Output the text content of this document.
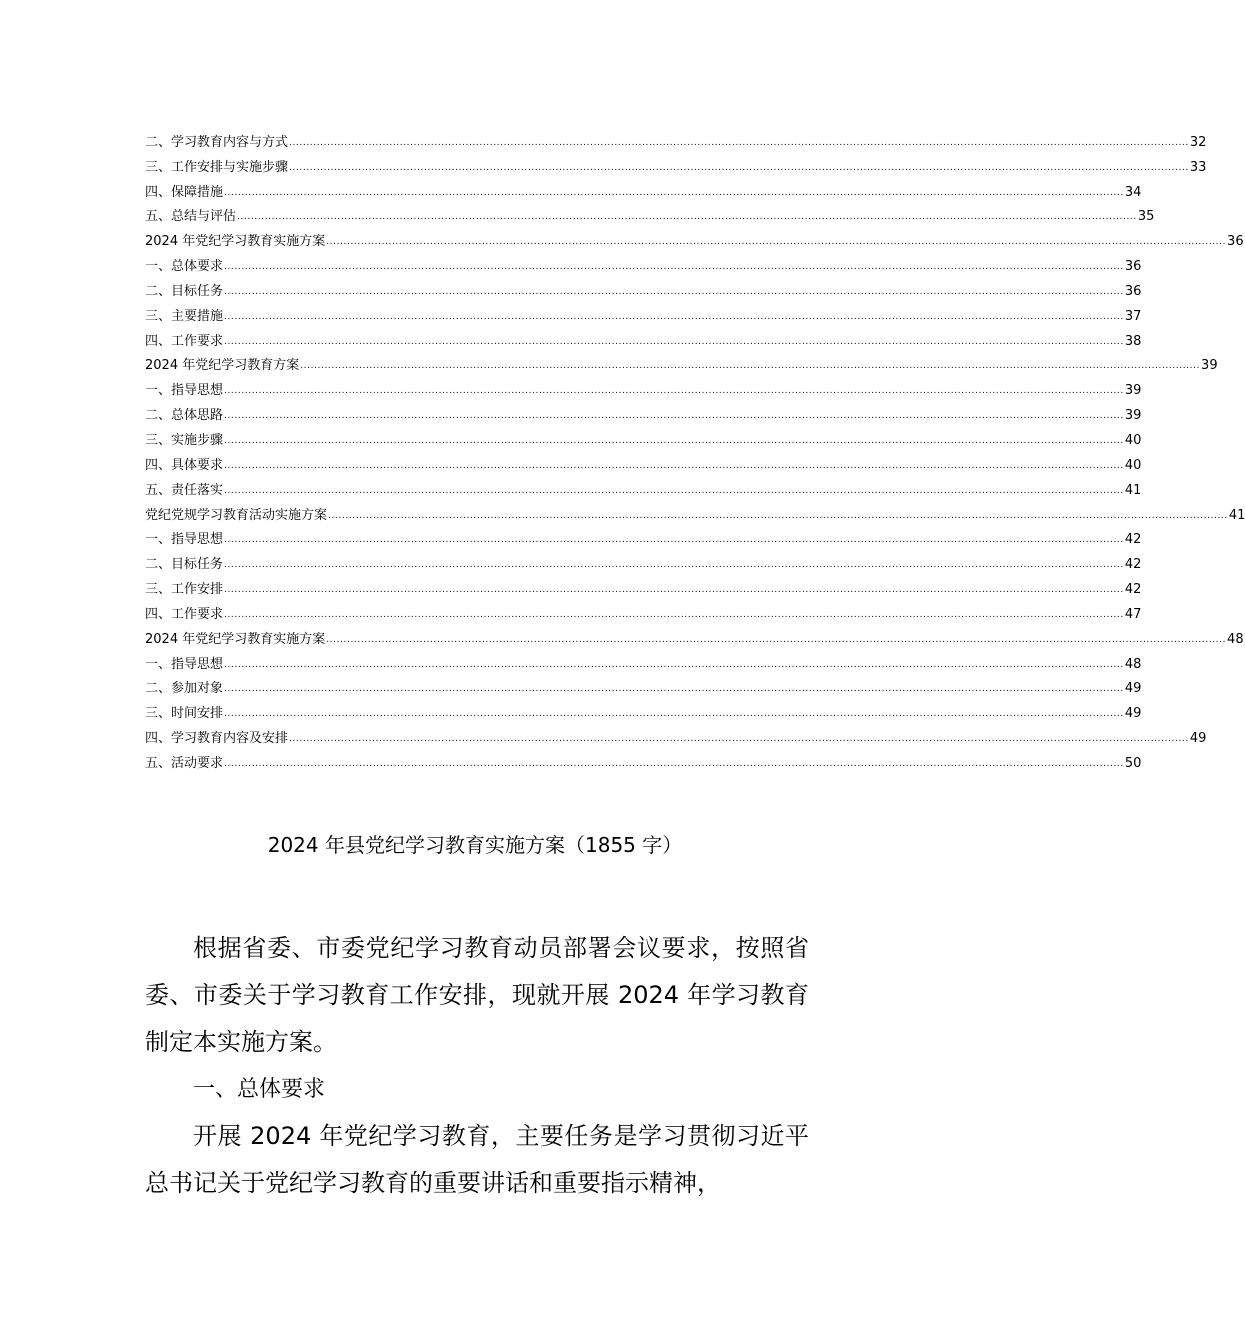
二、学习教育内容与方式 .................................................................................................................................................................................................................................................................... 32
三、工作安排与实施步骤 .................................................................................................................................................................................................................................................................... 33
四、保障措施 .................................................................................................................................................................................................................................................................... 34
五、总结与评估 .................................................................................................................................................................................................................................................................... 35
2024 年党纪学习教育实施方案 .................................................................................................................................................................................................................................................................... 36
一、总体要求 .................................................................................................................................................................................................................................................................... 36
二、目标任务 .................................................................................................................................................................................................................................................................... 36
三、主要措施 .................................................................................................................................................................................................................................................................... 37
四、工作要求 .................................................................................................................................................................................................................................................................... 38
2024 年党纪学习教育方案 .................................................................................................................................................................................................................................................................... 39
一、指导思想 .................................................................................................................................................................................................................................................................... 39
二、总体思路 .................................................................................................................................................................................................................................................................... 39
三、实施步骤 .................................................................................................................................................................................................................................................................... 40
四、具体要求 .................................................................................................................................................................................................................................................................... 40
五、责任落实 .................................................................................................................................................................................................................................................................... 41
党纪党规学习教育活动实施方案 .................................................................................................................................................................................................................................................................... 41
一、指导思想 .................................................................................................................................................................................................................................................................... 42
二、目标任务 .................................................................................................................................................................................................................................................................... 42
三、工作安排 .................................................................................................................................................................................................................................................................... 42
四、工作要求 .................................................................................................................................................................................................................................................................... 47
2024 年党纪学习教育实施方案 .................................................................................................................................................................................................................................................................... 48
一、指导思想 .................................................................................................................................................................................................................................................................... 48
二、参加对象 .................................................................................................................................................................................................................................................................... 49
三、时间安排 .................................................................................................................................................................................................................................................................... 49
四、学习教育内容及安排 .................................................................................................................................................................................................................................................................... 49
五、活动要求 .................................................................................................................................................................................................................................................................... 50
2024 年县党纪学习教育实施方案（1855 字）

根据省委、市委党纪学习教育动员部署会议要求，按照省委、市委关于学习教育工作安排，现就开展 2024 年学习教育制定本实施方案。

一、总体要求

开展 2024 年党纪学习教育，主要任务是学习贯彻习近平总书记关于党纪学习教育的重要讲话和重要指示精神，
